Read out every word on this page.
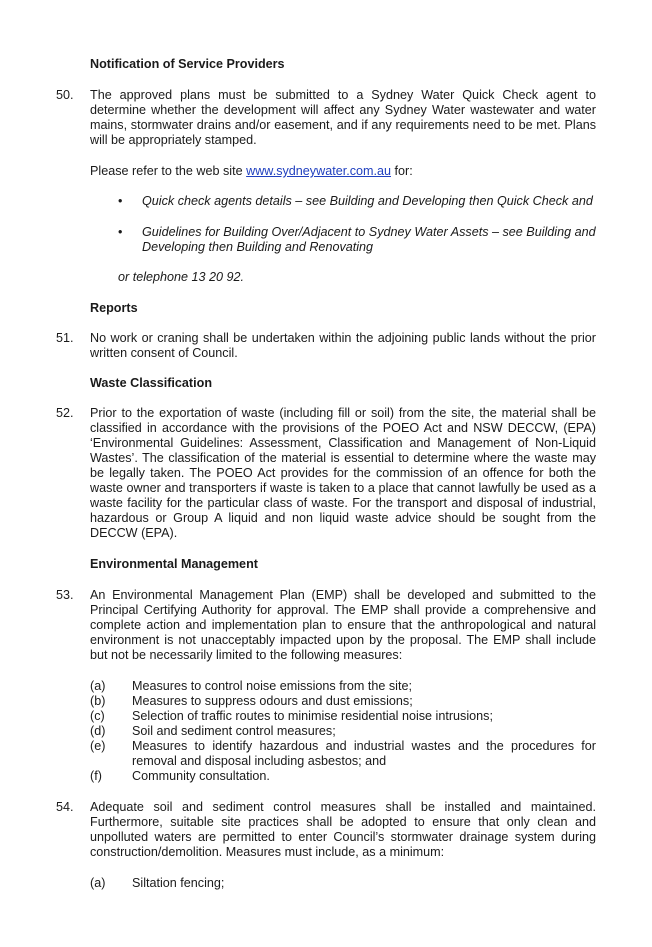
Notification of Service Providers
50. The approved plans must be submitted to a Sydney Water Quick Check agent to determine whether the development will affect any Sydney Water wastewater and water mains, stormwater drains and/or easement, and if any requirements need to be met. Plans will be appropriately stamped.
Please refer to the web site www.sydneywater.com.au for:
• Quick check agents details – see Building and Developing then Quick Check and
• Guidelines for Building Over/Adjacent to Sydney Water Assets – see Building and Developing then Building and Renovating
or telephone 13 20 92.
Reports
51. No work or craning shall be undertaken within the adjoining public lands without the prior written consent of Council.
Waste Classification
52. Prior to the exportation of waste (including fill or soil) from the site, the material shall be classified in accordance with the provisions of the POEO Act and NSW DECCW, (EPA) ‘Environmental Guidelines: Assessment, Classification and Management of Non-Liquid Wastes’. The classification of the material is essential to determine where the waste may be legally taken. The POEO Act provides for the commission of an offence for both the waste owner and transporters if waste is taken to a place that cannot lawfully be used as a waste facility for the particular class of waste. For the transport and disposal of industrial, hazardous or Group A liquid and non liquid waste advice should be sought from the DECCW (EPA).
Environmental Management
53. An Environmental Management Plan (EMP) shall be developed and submitted to the Principal Certifying Authority for approval. The EMP shall provide a comprehensive and complete action and implementation plan to ensure that the anthropological and natural environment is not unacceptably impacted upon by the proposal. The EMP shall include but not be necessarily limited to the following measures:
(a) Measures to control noise emissions from the site;
(b) Measures to suppress odours and dust emissions;
(c) Selection of traffic routes to minimise residential noise intrusions;
(d) Soil and sediment control measures;
(e) Measures to identify hazardous and industrial wastes and the procedures for removal and disposal including asbestos; and
(f) Community consultation.
54. Adequate soil and sediment control measures shall be installed and maintained. Furthermore, suitable site practices shall be adopted to ensure that only clean and unpolluted waters are permitted to enter Council’s stormwater drainage system during construction/demolition. Measures must include, as a minimum:
(a) Siltation fencing;
